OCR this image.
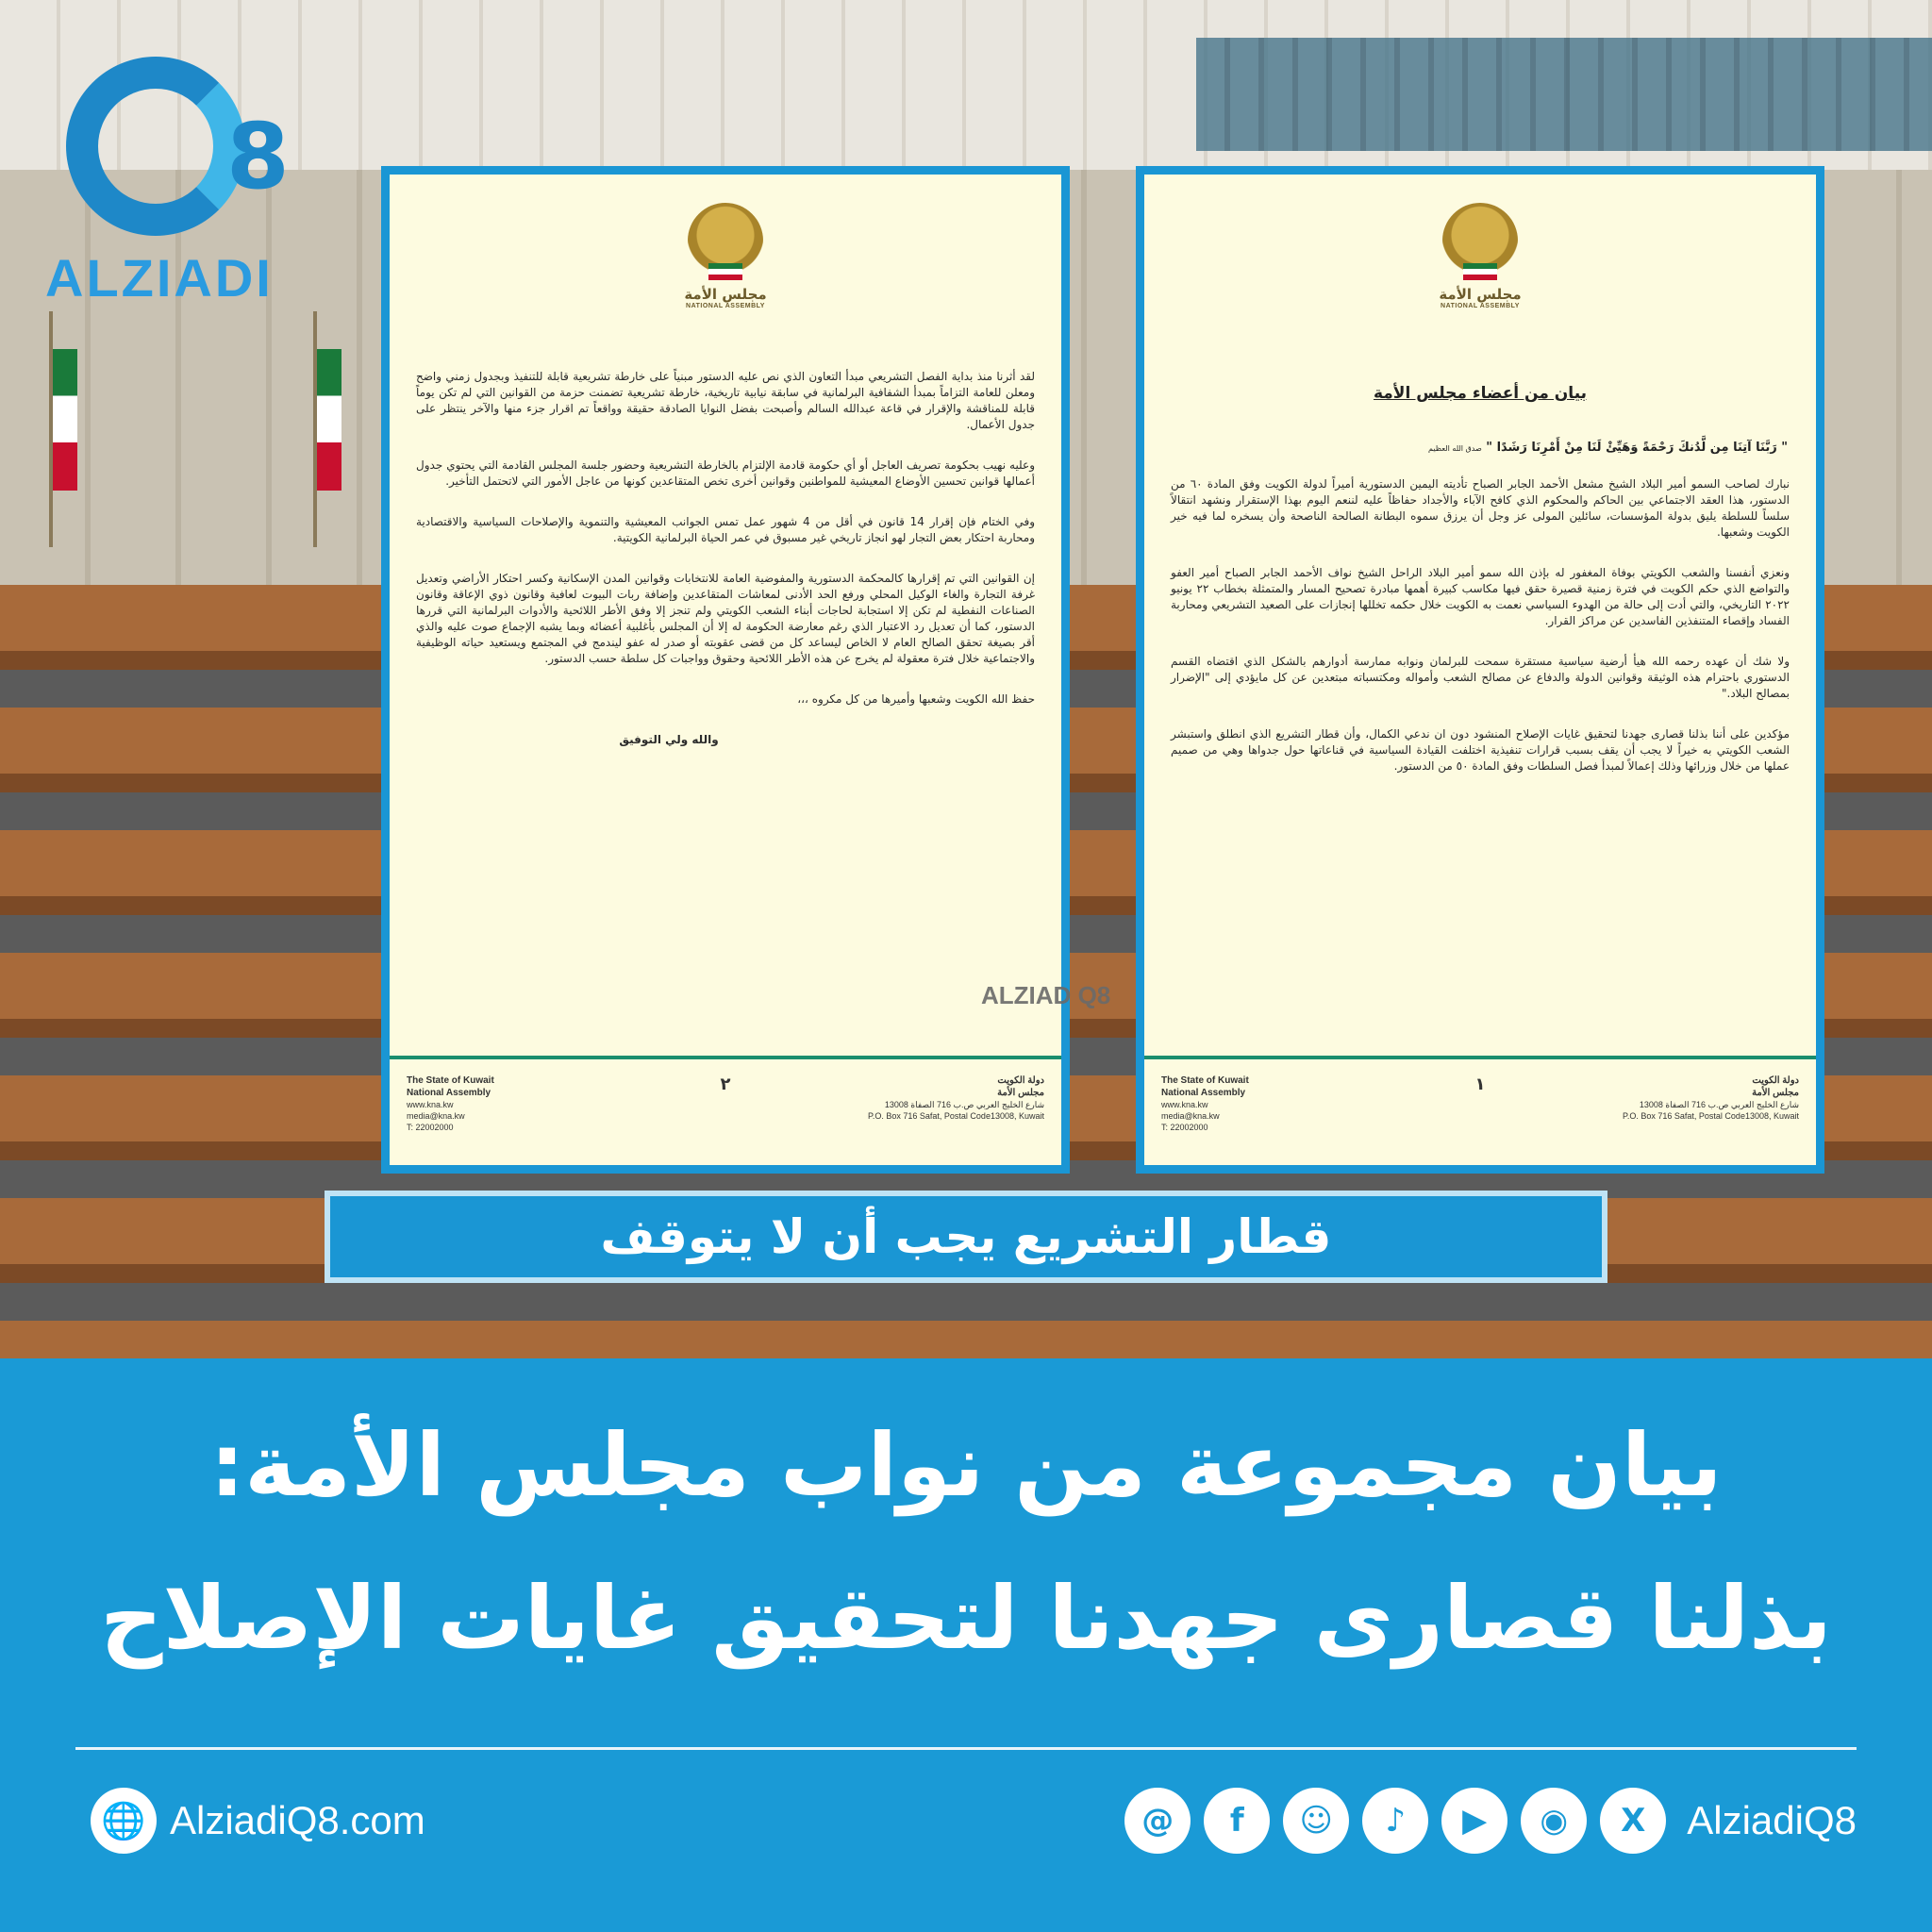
8
ALZIADI	مجلس الأمة
NATIONAL ASSEMBLY

لقد أثرنا منذ بداية الفصل التشريعي مبدأ التعاون الذي نص عليه الدستور مبنياً على خارطة تشريعية قابلة للتنفيذ وبجدول زمني واضح ومعلن للعامة التزاماً بمبدأ الشفافية البرلمانية في سابقة نيابية تاريخية، خارطة تشريعية تضمنت حزمة من القوانين التي لم تكن يوماً قابلة للمناقشة والإقرار في قاعة عبدالله السالم وأصبحت بفضل النوايا الصادقة حقيقة وواقعاً تم اقرار جزء منها والآخر ينتظر على جدول الأعمال.

وعليه نهيب بحكومة تصريف العاجل أو أي حكومة قادمة الإلتزام بالخارطة التشريعية وحضور جلسة المجلس القادمة التي يحتوي جدول أعمالها قوانين تحسين الأوضاع المعيشية للمواطنين وقوانين أخرى تخص المتقاعدين كونها من عاجل الأمور التي لاتحتمل التأخير.

وفي الختام فإن إقرار 14 قانون في أقل من 4 شهور عمل تمس الجوانب المعيشية والتنموية والإصلاحات السياسية والاقتصادية ومحاربة احتكار بعض التجار لهو انجاز تاريخي غير مسبوق في عمر الحياة البرلمانية الكويتية.

إن القوانين التي تم إقرارها كالمحكمة الدستورية والمفوضية العامة للانتخابات وقوانين المدن الإسكانية وكسر احتكار الأراضي وتعديل غرفة التجارة والغاء الوكيل المحلي ورفع الحد الأدنى لمعاشات المتقاعدين وإضافة ربات البيوت لعافية وقانون ذوي الإعاقة وقانون الصناعات النفطية لم تكن إلا استجابة لحاجات أبناء الشعب الكويتي ولم تنجز إلا وفق الأطر اللائحية والأدوات البرلمانية التي قررها الدستور، كما أن تعديل رد الاعتبار الذي رغم معارضة الحكومة له إلا أن المجلس بأغلبية أعضائه وبما يشبه الإجماع صوت عليه والذي أقر بصيغة تحقق الصالح العام لا الخاص ليساعد كل من قضى عقوبته أو صدر له عفو ليندمج في المجتمع ويستعيد حياته الوظيفية والاجتماعية خلال فترة معقولة لم يخرج عن هذه الأطر اللائحية وحقوق وواجبات كل سلطة حسب الدستور.

حفظ الله الكويت وشعبها وأميرها من كل مكروه ،،،

والله ولي التوفيق

The State of Kuwait
National Assembly
www.kna.kw
media@kna.kw
T: 22002000
٢	دولة الكويت
مجلس الأمة
شارع الخليج العربي ص.ب 716 الصفاة 13008
P.O. Box 716 Safat, Postal Code13008, Kuwait
مجلس الأمة
NATIONAL ASSEMBLY
بيان من أعضاء مجلس الأمة
" رَبَّنَا آتِنَا مِن لَّدُنكَ رَحْمَةً وَهَيِّئْ لَنَا مِنْ أَمْرِنَا رَشَدًا " صدق الله العظيم

نبارك لصاحب السمو أمير البلاد الشيخ مشعل الأحمد الجابر الصباح تأديته اليمين الدستورية أميراً لدولة الكويت وفق المادة ٦٠ من الدستور، هذا العقد الاجتماعي بين الحاكم والمحكوم الذي كافح الآباء والأجداد حفاظاً عليه لننعم اليوم بهذا الإستقرار ونشهد انتقالاً سلساً للسلطة يليق بدولة المؤسسات، سائلين المولى عز وجل أن يرزق سموه البطانة الصالحة الناصحة وأن يسخره لما فيه خير الكويت وشعبها.

ونعزي أنفسنا والشعب الكويتي بوفاة المغفور له بإذن الله سمو أمير البلاد الراحل الشيخ نواف الأحمد الجابر الصباح أمير العفو والتواضع الذي حكم الكويت في فترة زمنية قصيرة حقق فيها مكاسب كبيرة أهمها مبادرة تصحيح المسار والمتمثلة بخطاب ٢٢ يونيو ٢٠٢٢ التاريخي، والتي أدت إلى حالة من الهدوء السياسي نعمت به الكويت خلال حكمه تخللها إنجازات على الصعيد التشريعي ومحاربة الفساد وإقصاء المتنفذين الفاسدين عن مراكز القرار.

ولا شك أن عهده رحمه الله هيأ أرضية سياسية مستقرة سمحت للبرلمان ونوابه ممارسة أدوارهم بالشكل الذي اقتضاه القسم الدستوري باحترام هذه الوثيقة وقوانين الدولة والدفاع عن مصالح الشعب وأمواله ومكتسباته مبتعدين عن كل مايؤدي إلى "الإضرار بمصالح البلاد."

مؤكدين على أننا بذلنا قصارى جهدنا لتحقيق غايات الإصلاح المنشود دون ان ندعي الكمال، وأن قطار التشريع الذي انطلق واستبشر الشعب الكويتي به خيراً لا يجب أن يقف بسبب قرارات تنفيذية اختلفت القيادة السياسية في قناعاتها حول جدواها وهي من صميم عملها من خلال وزرائها وذلك إعمالاً لمبدأ فصل السلطات وفق المادة ٥٠ من الدستور.

The State of Kuwait
National Assembly
www.kna.kw
media@kna.kw
T: 22002000
١	دولة الكويت
مجلس الأمة
شارع الخليج العربي ص.ب 716 الصفاة 13008
P.O. Box 716 Safat, Postal Code13008, Kuwait
ALZIAD Q8
قطار التشريع يجب أن لا يتوقف
بيان مجموعة من نواب مجلس الأمة:
بذلنا قصارى جهدنا لتحقيق غايات الإصلاح
🌐 AlziadiQ8.com	@	f	☺	♪	▶	◉	X	AlziadiQ8
